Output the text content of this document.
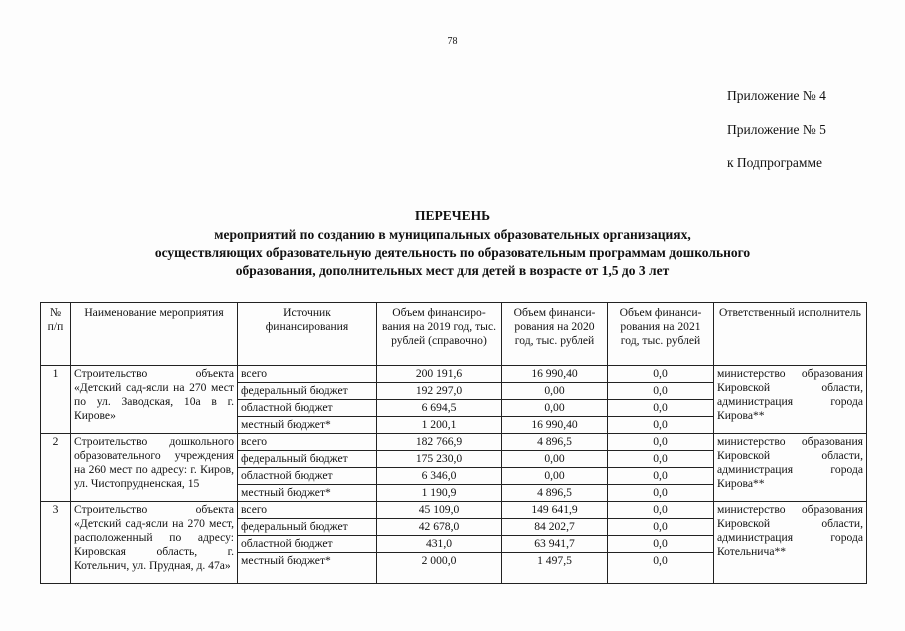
78
Приложение № 4
Приложение № 5
к Подпрограмме
ПЕРЕЧЕНЬ
мероприятий по созданию в муниципальных образовательных организациях,
осуществляющих образовательную деятельность по образовательным программам дошкольного
образования, дополнительных мест для детей в возрасте от 1,5 до 3 лет
№ п/п	Наименование мероприятия	Источник финансирования	Объем финансиро-вания на 2019 год, тыс. рублей (справочно)	Объем финанси-рования на 2020 год, тыс. рублей	Объем финанси-рования на 2021 год, тыс. рублей	Ответственный исполнитель
1	Строительство объекта «Детский сад-ясли на 270 мест по ул. Заводская, 10а в г. Кирове»	всего	200 191,6	16 990,40	0,0	министерство образования Кировской области, администрация города Кирова**
		федеральный бюджет	192 297,0	0,00	0,0	
		областной бюджет	6 694,5	0,00	0,0	
		местный бюджет*	1 200,1	16 990,40	0,0	
2	Строительство дошкольного образовательного учреждения на 260 мест по адресу: г. Киров, ул. Чистопрудненская, 15	всего	182 766,9	4 896,5	0,0	министерство образования Кировской области, администрация города Кирова**
		федеральный бюджет	175 230,0	0,00	0,0	
		областной бюджет	6 346,0	0,00	0,0	
		местный бюджет*	1 190,9	4 896,5	0,0	
3	Строительство объекта «Детский сад-ясли на 270 мест, расположенный по адресу: Кировская область, г. Котельнич, ул. Прудная, д. 47а»	всего	45 109,0	149 641,9	0,0	министерство образования Кировской области, администрация города Котельнича**
		федеральный бюджет	42 678,0	84 202,7	0,0	
		областной бюджет	431,0	63 941,7	0,0	
		местный бюджет*	2 000,0	1 497,5	0,0	
